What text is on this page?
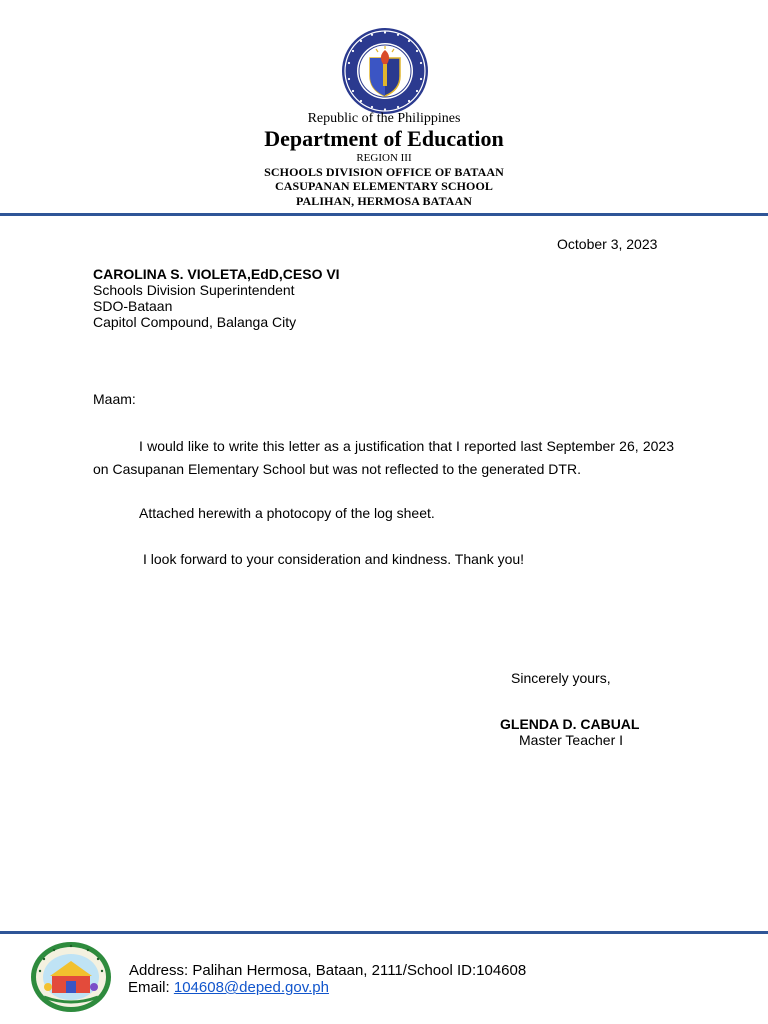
Republic of the Philippines
Department of Education
REGION III
SCHOOLS DIVISION OFFICE OF BATAAN
CASUPANAN ELEMENTARY SCHOOL
PALIHAN, HERMOSA BATAAN
October 3, 2023
CAROLINA S. VIOLETA,EdD,CESO VI
Schools Division Superintendent
SDO-Bataan
Capitol Compound, Balanga City
Maam:
I would like to write this letter as a justification that I reported last September 26, 2023 on Casupanan Elementary School but was not reflected to the generated DTR.
Attached herewith a photocopy of the log sheet.
I look forward to your consideration and kindness. Thank you!
Sincerely yours,
GLENDA D. CABUAL
Master Teacher I
Address: Palihan Hermosa, Bataan, 2111/School ID:104608
Email: 104608@deped.gov.ph
